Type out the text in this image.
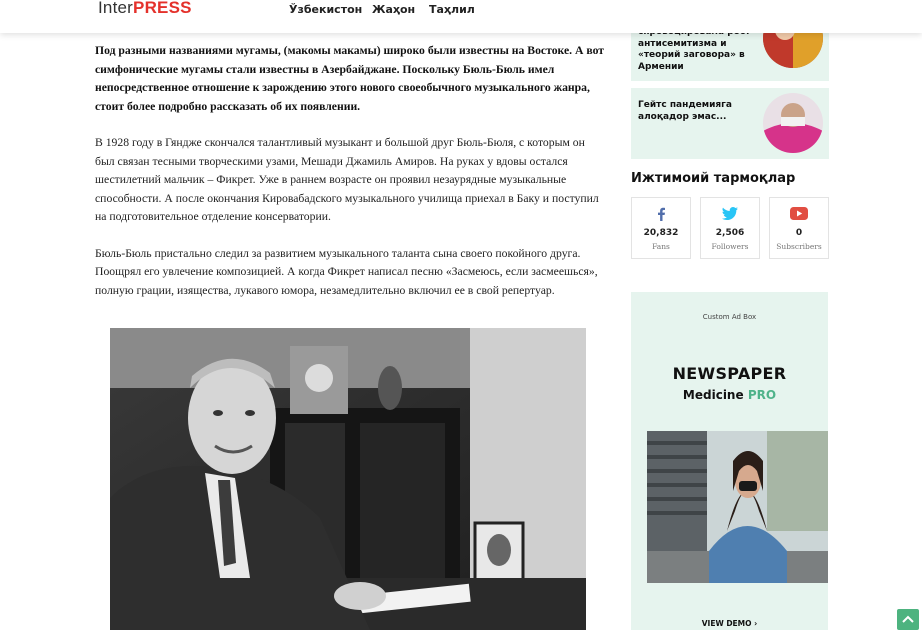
InterPRESS	Ўзбекистон Жаҳон Таҳлил

Под разными названиями мугамы, (макомы макамы) широко были известны на Востоке. А вот симфонические мугамы стали известны в Азербайджане. Поскольку Бюль-Бюль имел непосредственное отношение к зарождению этого нового своеобычного музыкального жанра, стоит более подробно рассказать об их появлении.

В 1928 году в Гяндже скончался талантливый музыкант и большой друг Бюль-Бюля, с которым он был связан тесными творческими узами, Мешади Джамиль Амиров. На руках у вдовы остался шестилетний мальчик – Фикрет. Уже в раннем возрасте он проявил незаурядные музыкальные способности. А после окончания Кировабадского музыкального училища приехал в Баку и поступил на подготовительное отделение консерватории.

Бюль-Бюль пристально следил за развитием музыкального таланта сына своего покойного друга. Поощрял его увлечение композицией. А когда Фикрет написал песню «Засмеюсь, если засмеешься», полную грации, изящества, лукавого юмора, незамедлительно включил ее в свой репертуар.

антисемитизма и «теорий заговора» в Армении
Гейтс пандемияга алоқадор эмас...
Ижтимоий тармоқлар
20,832
Fans
2,506
Followers
0
Subscribers
Custom Ad Box
NEWSPAPER
Medicine PRO
VIEW DEMO ›
